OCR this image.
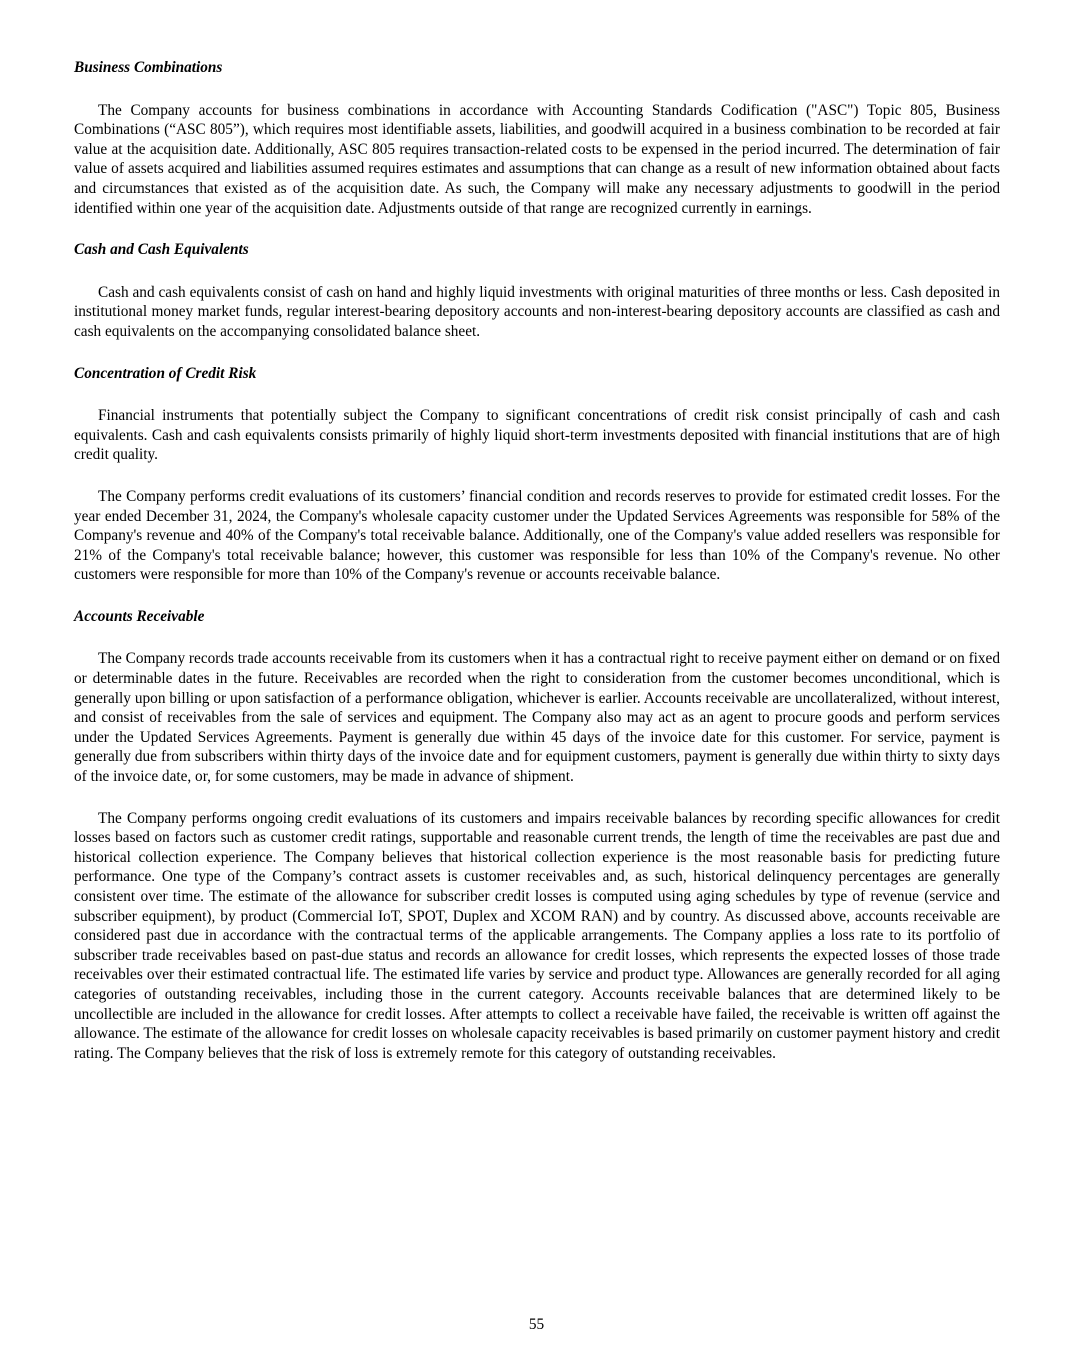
Business Combinations

The Company accounts for business combinations in accordance with Accounting Standards Codification ("ASC") Topic 805, Business Combinations (“ASC 805”), which requires most identifiable assets, liabilities, and goodwill acquired in a business combination to be recorded at fair value at the acquisition date. Additionally, ASC 805 requires transaction-related costs to be expensed in the period incurred. The determination of fair value of assets acquired and liabilities assumed requires estimates and assumptions that can change as a result of new information obtained about facts and circumstances that existed as of the acquisition date. As such, the Company will make any necessary adjustments to goodwill in the period identified within one year of the acquisition date. Adjustments outside of that range are recognized currently in earnings.

Cash and Cash Equivalents

Cash and cash equivalents consist of cash on hand and highly liquid investments with original maturities of three months or less. Cash deposited in institutional money market funds, regular interest-bearing depository accounts and non-interest-bearing depository accounts are classified as cash and cash equivalents on the accompanying consolidated balance sheet.

Concentration of Credit Risk

Financial instruments that potentially subject the Company to significant concentrations of credit risk consist principally of cash and cash equivalents. Cash and cash equivalents consists primarily of highly liquid short-term investments deposited with financial institutions that are of high credit quality.

The Company performs credit evaluations of its customers’ financial condition and records reserves to provide for estimated credit losses. For the year ended December 31, 2024, the Company's wholesale capacity customer under the Updated Services Agreements was responsible for 58% of the Company's revenue and 40% of the Company's total receivable balance. Additionally, one of the Company's value added resellers was responsible for 21% of the Company's total receivable balance; however, this customer was responsible for less than 10% of the Company's revenue. No other customers were responsible for more than 10% of the Company's revenue or accounts receivable balance.

Accounts Receivable

The Company records trade accounts receivable from its customers when it has a contractual right to receive payment either on demand or on fixed or determinable dates in the future. Receivables are recorded when the right to consideration from the customer becomes unconditional, which is generally upon billing or upon satisfaction of a performance obligation, whichever is earlier. Accounts receivable are uncollateralized, without interest, and consist of receivables from the sale of services and equipment. The Company also may act as an agent to procure goods and perform services under the Updated Services Agreements. Payment is generally due within 45 days of the invoice date for this customer. For service, payment is generally due from subscribers within thirty days of the invoice date and for equipment customers, payment is generally due within thirty to sixty days of the invoice date, or, for some customers, may be made in advance of shipment.

The Company performs ongoing credit evaluations of its customers and impairs receivable balances by recording specific allowances for credit losses based on factors such as customer credit ratings, supportable and reasonable current trends, the length of time the receivables are past due and historical collection experience. The Company believes that historical collection experience is the most reasonable basis for predicting future performance. One type of the Company’s contract assets is customer receivables and, as such, historical delinquency percentages are generally consistent over time. The estimate of the allowance for subscriber credit losses is computed using aging schedules by type of revenue (service and subscriber equipment), by product (Commercial IoT, SPOT, Duplex and XCOM RAN) and by country. As discussed above, accounts receivable are considered past due in accordance with the contractual terms of the applicable arrangements. The Company applies a loss rate to its portfolio of subscriber trade receivables based on past-due status and records an allowance for credit losses, which represents the expected losses of those trade receivables over their estimated contractual life. The estimated life varies by service and product type. Allowances are generally recorded for all aging categories of outstanding receivables, including those in the current category. Accounts receivable balances that are determined likely to be uncollectible are included in the allowance for credit losses. After attempts to collect a receivable have failed, the receivable is written off against the allowance. The estimate of the allowance for credit losses on wholesale capacity receivables is based primarily on customer payment history and credit rating. The Company believes that the risk of loss is extremely remote for this category of outstanding receivables.

55
